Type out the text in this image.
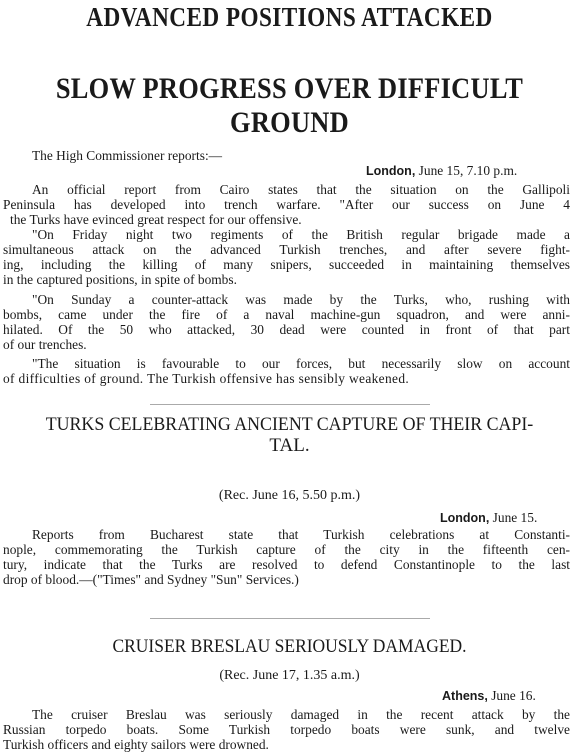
ADVANCED POSITIONS ATTACKED
SLOW PROGRESS OVER DIFFICULT GROUND
The High Commissioner reports:—
London, June 15, 7.10 p.m.
An official report from Cairo states that the situation on the Gallipoli
Peninsula has developed into trench warfare. "After our success on June 4
the Turks have evinced great respect for our offensive.
"On Friday night two regiments of the British regular brigade made a
simultaneous attack on the advanced Turkish trenches, and after severe fight-
ing, including the killing of many snipers, succeeded in maintaining themselves
in the captured positions, in spite of bombs.
"On Sunday a counter-attack was made by the Turks, who, rushing with
bombs, came under the fire of a naval machine-gun squadron, and were anni-
hilated. Of the 50 who attacked, 30 dead were counted in front of that part
of our trenches.
"The situation is favourable to our forces, but necessarily slow on account
of difficulties of ground. The Turkish offensive has sensibly weakened.
TURKS CELEBRATING ANCIENT CAPTURE OF THEIR CAPI-
TAL.
(Rec. June 16, 5.50 p.m.)
London, June 15.
Reports from Bucharest state that Turkish celebrations at Constanti-
nople, commemorating the Turkish capture of the city in the fifteenth cen-
tury, indicate that the Turks are resolved to defend Constantinople to the last
drop of blood.—("Times" and Sydney "Sun" Services.)
CRUISER BRESLAU SERIOUSLY DAMAGED.
(Rec. June 17, 1.35 a.m.)
Athens, June 16.
The cruiser Breslau was seriously damaged in the recent attack by the
Russian torpedo boats. Some Turkish torpedo boats were sunk, and twelve
Turkish officers and eighty sailors were drowned.
